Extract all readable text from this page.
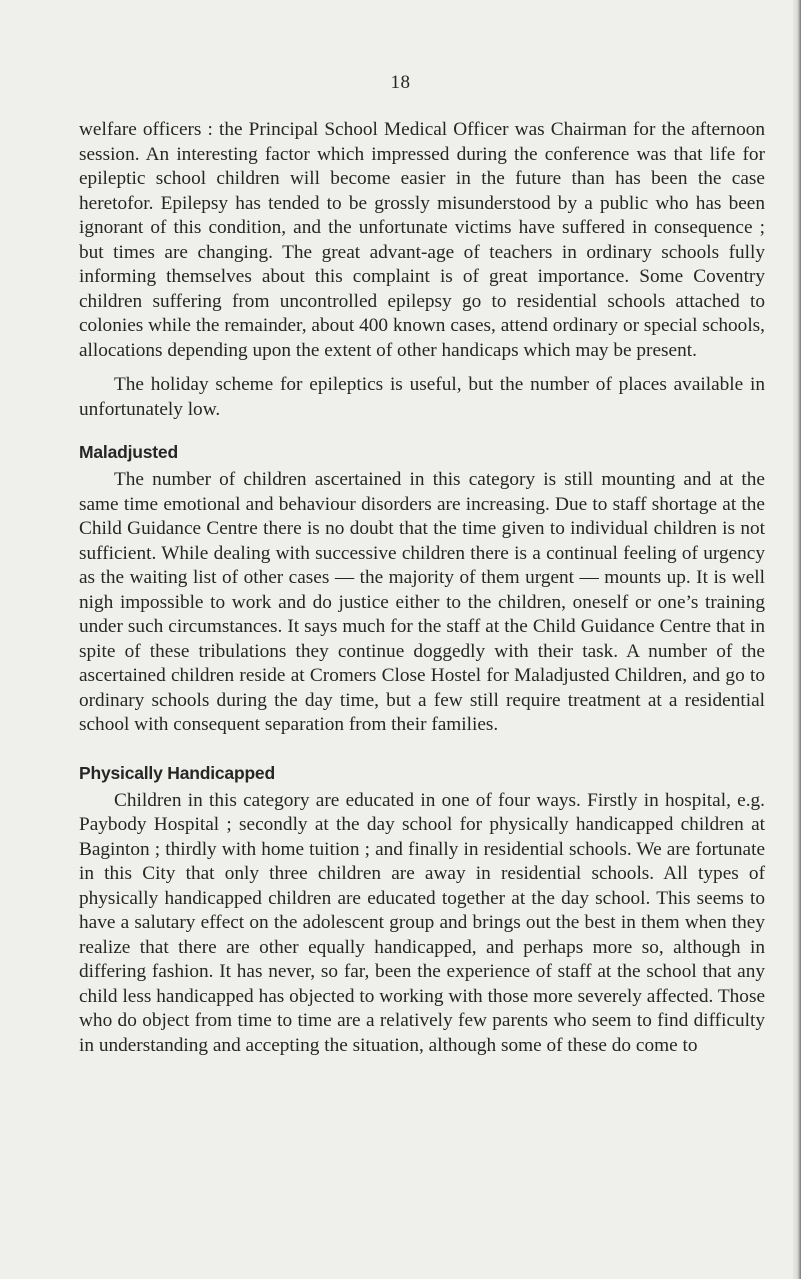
18

welfare officers : the Principal School Medical Officer was Chairman for the afternoon session. An interesting factor which impressed during the conference was that life for epileptic school children will become easier in the future than has been the case heretofor. Epilepsy has tended to be grossly misunderstood by a public who has been ignorant of this condition, and the unfortunate victims have suffered in consequence ; but times are changing. The great advant-age of teachers in ordinary schools fully informing themselves about this complaint is of great importance. Some Coventry children suffering from uncontrolled epilepsy go to residential schools attached to colonies while the remainder, about 400 known cases, attend ordinary or special schools, allocations depending upon the extent of other handicaps which may be present.

The holiday scheme for epileptics is useful, but the number of places available in unfortunately low.

Maladjusted

The number of children ascertained in this category is still mounting and at the same time emotional and behaviour disorders are increasing. Due to staff shortage at the Child Guidance Centre there is no doubt that the time given to individual children is not sufficient. While dealing with successive children there is a continual feeling of urgency as the waiting list of other cases — the majority of them urgent — mounts up. It is well nigh impossible to work and do justice either to the children, oneself or one’s training under such circumstances. It says much for the staff at the Child Guidance Centre that in spite of these tribulations they continue doggedly with their task. A number of the ascertained children reside at Cromers Close Hostel for Maladjusted Children, and go to ordinary schools during the day time, but a few still require treatment at a residential school with consequent separation from their families.

Physically Handicapped

Children in this category are educated in one of four ways. Firstly in hospital, e.g. Paybody Hospital ; secondly at the day school for physically handicapped children at Baginton ; thirdly with home tuition ; and finally in residential schools. We are fortunate in this City that only three children are away in residential schools. All types of physically handicapped children are educated together at the day school. This seems to have a salutary effect on the adolescent group and brings out the best in them when they realize that there are other equally handicapped, and perhaps more so, although in differing fashion. It has never, so far, been the experience of staff at the school that any child less handicapped has objected to working with those more severely affected. Those who do object from time to time are a relatively few parents who seem to find difficulty in understanding and accepting the situation, although some of these do come to
